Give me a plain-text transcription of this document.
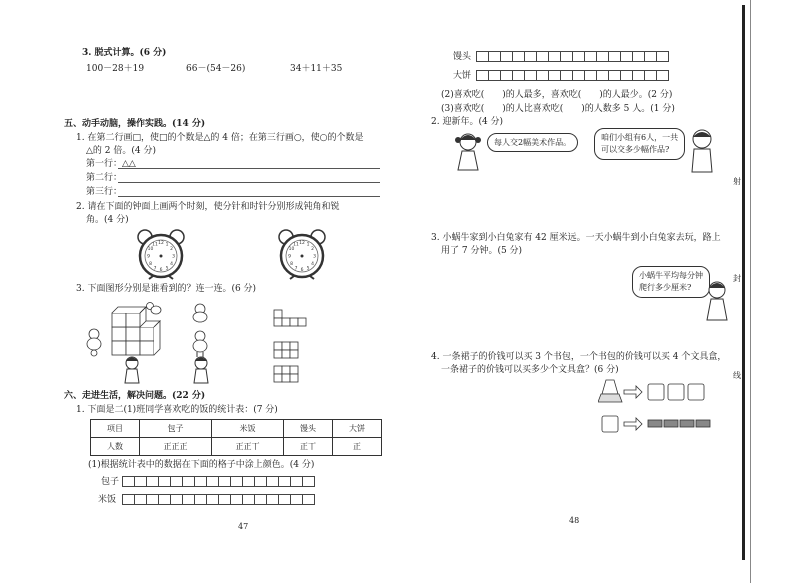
3. 脱式计算。(6 分)
100－28＋19	66－(54－26)	34＋11＋35
五、动手动脑，操作实践。(14 分)
1. 在第二行画□，使□的个数是△的 4 倍；在第三行画○，使○的个数是
△的 2 倍。(4 分)
第一行：△△
第二行：
第三行：
2. 请在下面的钟面上画两个时刻，使分针和时针分别形成钝角和锐
角。(4 分)
12 1
2
3
4
5
6
7
8
9
10
11	12 1
2
3
4
5
6
7
8
9
10
11
3. 下面图形分别是谁看到的？连一连。(6 分)
六、走进生活，解决问题。(22 分)
1. 下面是二(1)班同学喜欢吃的饭的统计表：(7 分)
项目	包子	米饭	馒头	大饼
人数	正正正	正正丅	正丅	正
(1)根据统计表中的数据在下面的格子中涂上颜色。(4 分)
包子
米饭
47
馒头
大饼
(2)喜欢吃(　　)的人最多，喜欢吃(　　)的人最少。(2 分)
(3)喜欢吃(　　)的人比喜欢吃(　　)的人数多 5 人。(1 分)
2. 迎新年。(4 分)
每人交2幅美术作品。
咱们小组有6人，一共
可以交多少幅作品?
3. 小蜗牛家到小白兔家有 42 厘米远。一天小蜗牛到小白兔家去玩，路上
用了 7 分钟。(5 分)
小蜗牛平均每分钟
爬行多少厘米?
4. 一条裙子的价钱可以买 3 个书包，一个书包的价钱可以买 4 个文具盒，
一条裙子的价钱可以买多少个文具盒？(6 分)
48
射
封
线
